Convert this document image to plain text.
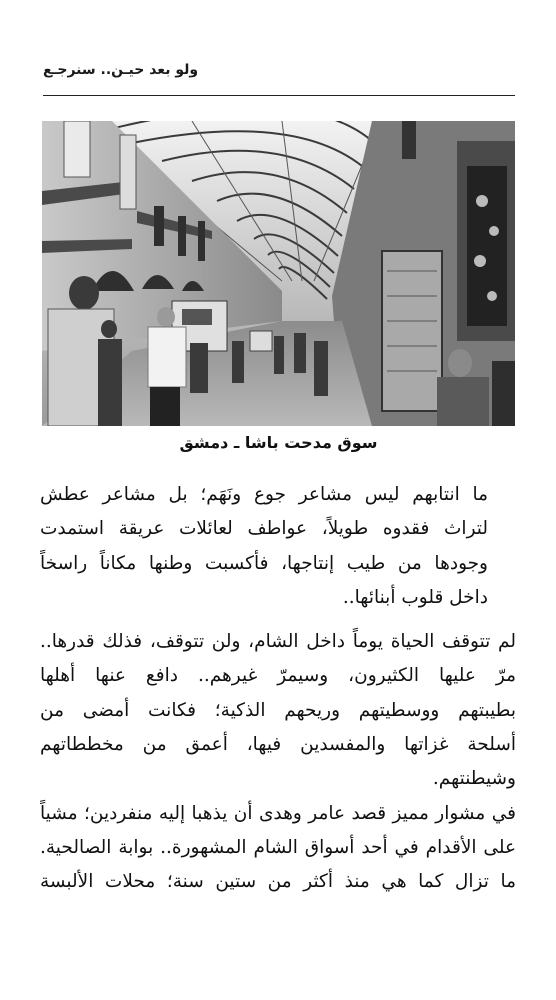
ولو بعد حيـن.. سنرجـع
سوق مدحت باشا ـ دمشق

ما انتابهم ليس مشاعر جوع ونَهَم؛ بل مشاعر عطش
لتراث فقدوه طويلاً، عواطف لعائلات عريقة استمدت
وجودها من طيب إنتاجها، فأكسبت وطنها مكاناً راسخاً
داخل قلوب أبنائها..

لم تتوقف الحياة يوماً داخل الشام، ولن تتوقف، فذلك قدرها..
مرّ عليها الكثيرون، وسيمرّ غيرهم.. دافع عنها أهلها
بطيبتهم ووسطيتهم وريحهم الذكية؛ فكانت أمضى من
أسلحة غزاتها والمفسدين فيها، أعمق من مخططاتهم
وشيطنتهم.

في مشوار مميز قصد عامر وهدى أن يذهبا إليه منفردين؛ مشياً
على الأقدام في أحد أسواق الشام المشهورة.. بوابة الصالحية.
ما تزال كما هي منذ أكثر من ستين سنة؛ محلات الألبسة
